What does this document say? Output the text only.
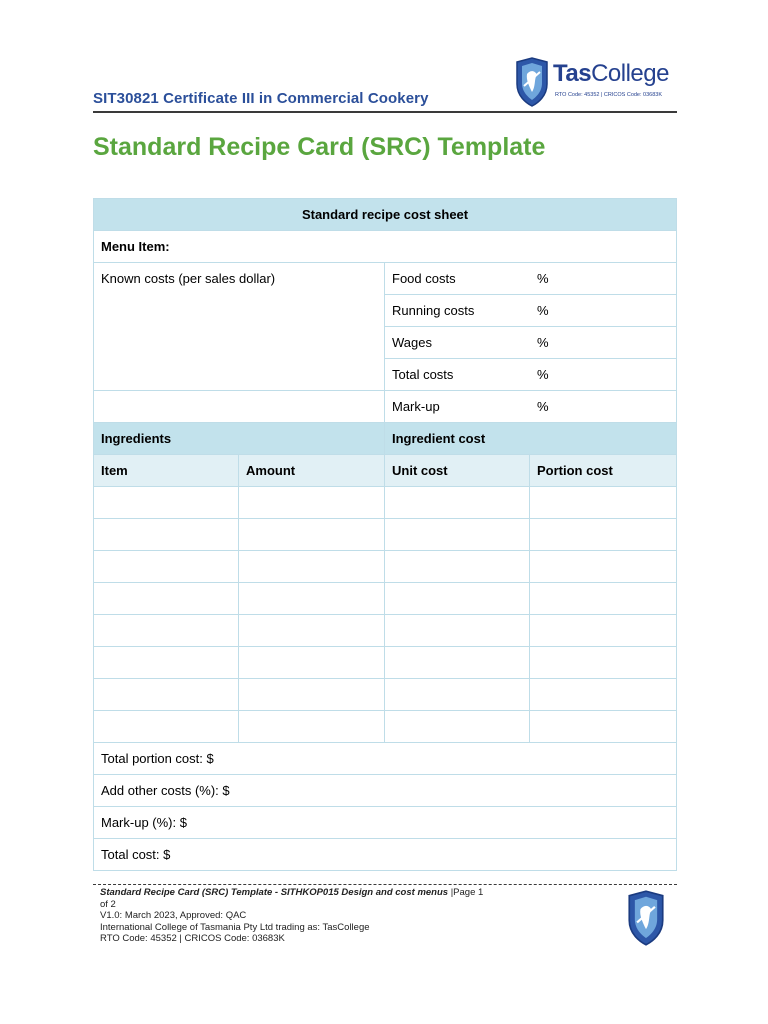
SIT30821 Certificate III in Commercial Cookery
TasCollege
RTO Code: 45352 | CRICOS Code: 03683K
Standard Recipe Card (SRC) Template
Standard recipe cost sheet			
Menu Item:			
Known costs (per sales dollar)		Food costs %	

		Running costs %	

		Wages %	

		Total costs %	

		Mark-up %	

Ingredients		Ingredient cost	
Item	Amount	Unit cost	Portion cost

Total portion cost: $			
Add other costs (%): $			
Mark-up (%): $			
Total cost: $			
Standard Recipe Card (SRC) Template - SITHKOP015 Design and cost menus |Page 1
of 2
V1.0: March 2023, Approved: QAC
International College of Tasmania Pty Ltd trading as: TasCollege
RTO Code: 45352 | CRICOS Code: 03683K
